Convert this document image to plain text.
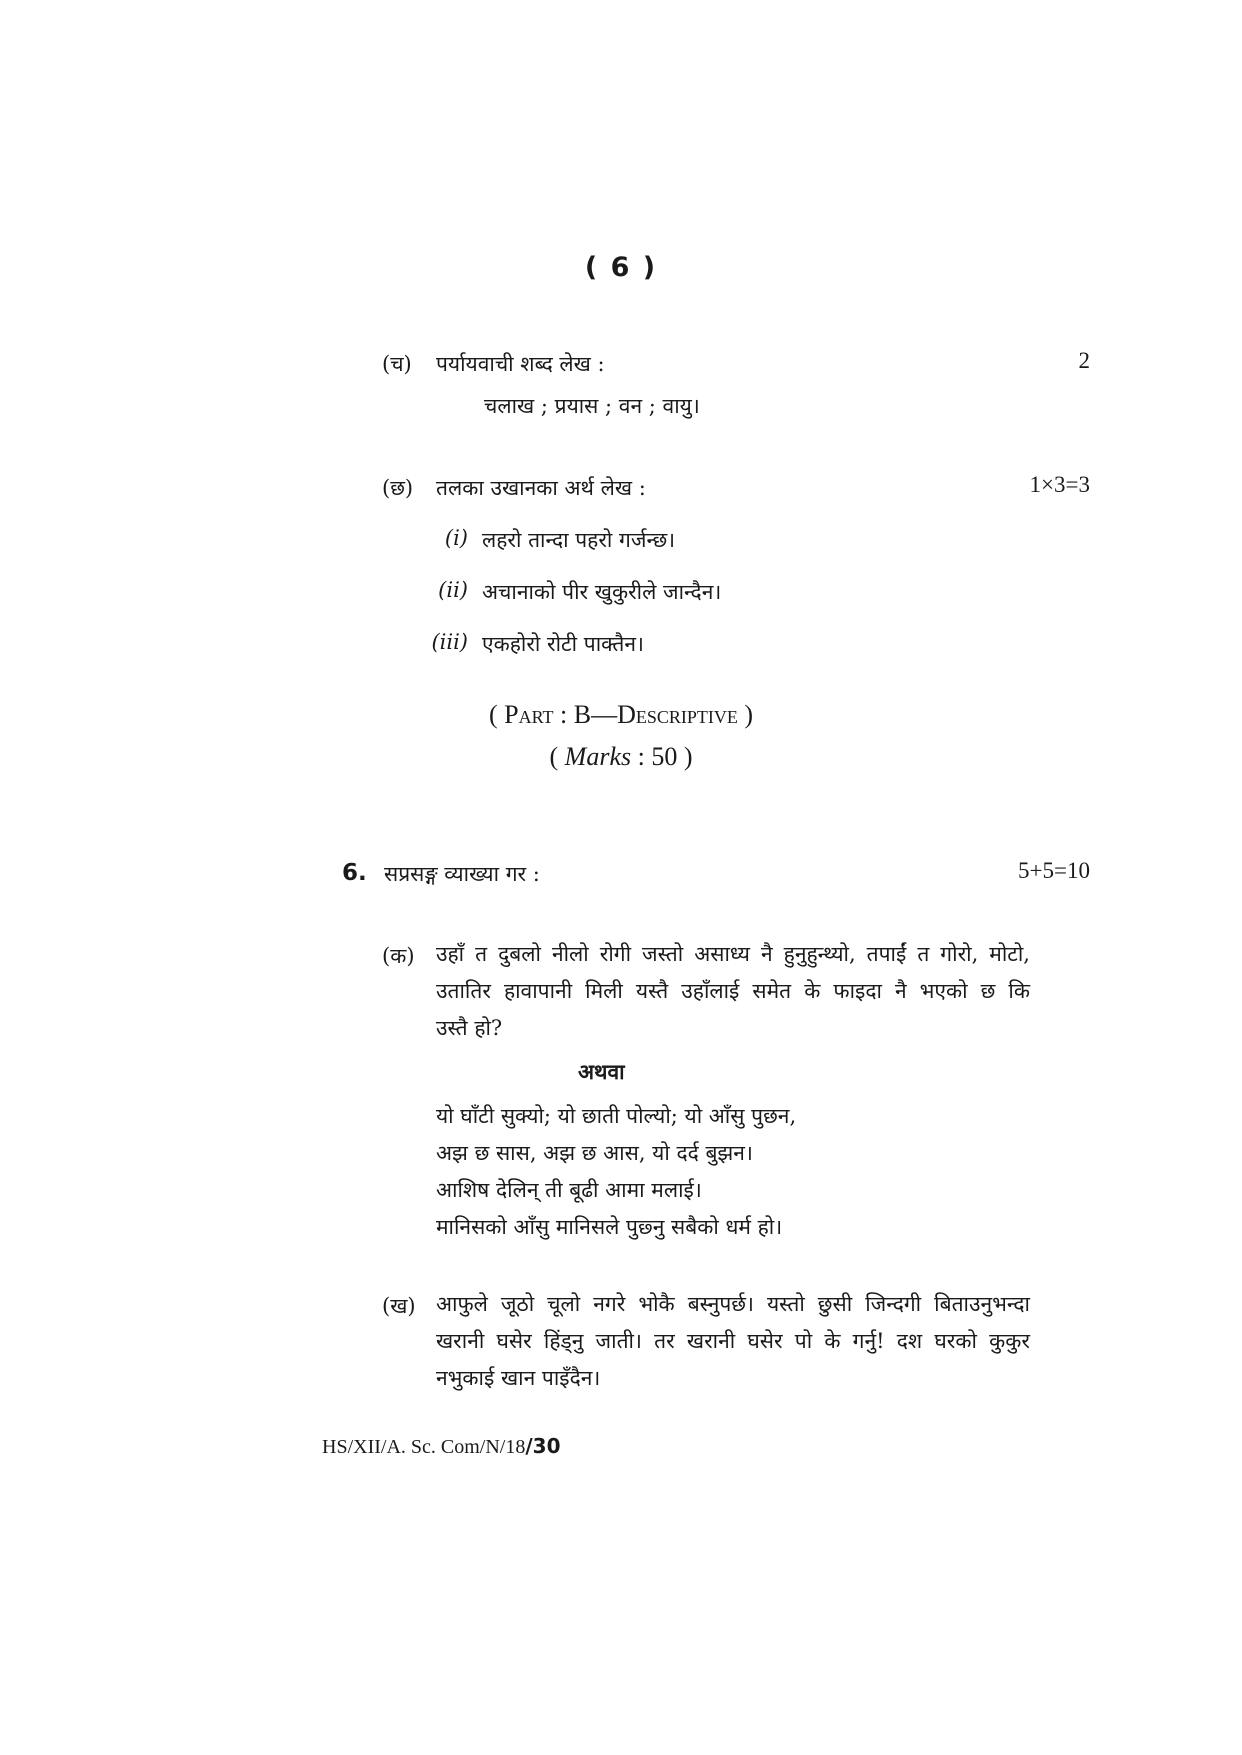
( 6 )
(च) पर्यायवाची शब्द लेख :	2
चलाख ; प्रयास ; वन ; वायु।
(छ) तलका उखानका अर्थ लेख :	1×3=3
(i) लहरो तान्दा पहरो गर्जन्छ।
(ii) अचानाको पीर खुकुरीले जान्दैन।
(iii) एकहोरो रोटी पाक्तैन।
( Part : B—Descriptive )
( Marks : 50 )
6. सप्रसङ्ग व्याख्या गर :	5+5=10
(क) उहाँ त दुबलो नीलो रोगी जस्तो असाध्य नै हुनुहुन्थ्यो, तपाईं त गोरो, मोटो,
उतातिर हावापानी मिली यस्तै उहाँलाई समेत के फाइदा नै भएको छ कि
उस्तै हो?
अथवा
यो घाँटी सुक्यो; यो छाती पोल्यो; यो आँसु पुछन,
अझ छ सास, अझ छ आस, यो दर्द बुझन।
आशिष देलिन् ती बूढी आमा मलाई।
मानिसको आँसु मानिसले पुछ्नु सबैको धर्म हो।
(ख) आफुले जूठो चूलो नगरे भोकै बस्नुपर्छ। यस्तो छुसी जिन्दगी बिताउनुभन्दा
खरानी घसेर हिंड्नु जाती। तर खरानी घसेर पो के गर्नु! दश घरको कुकुर
नभुकाई खान पाइँदैन।
HS/XII/A. Sc. Com/N/18/30
